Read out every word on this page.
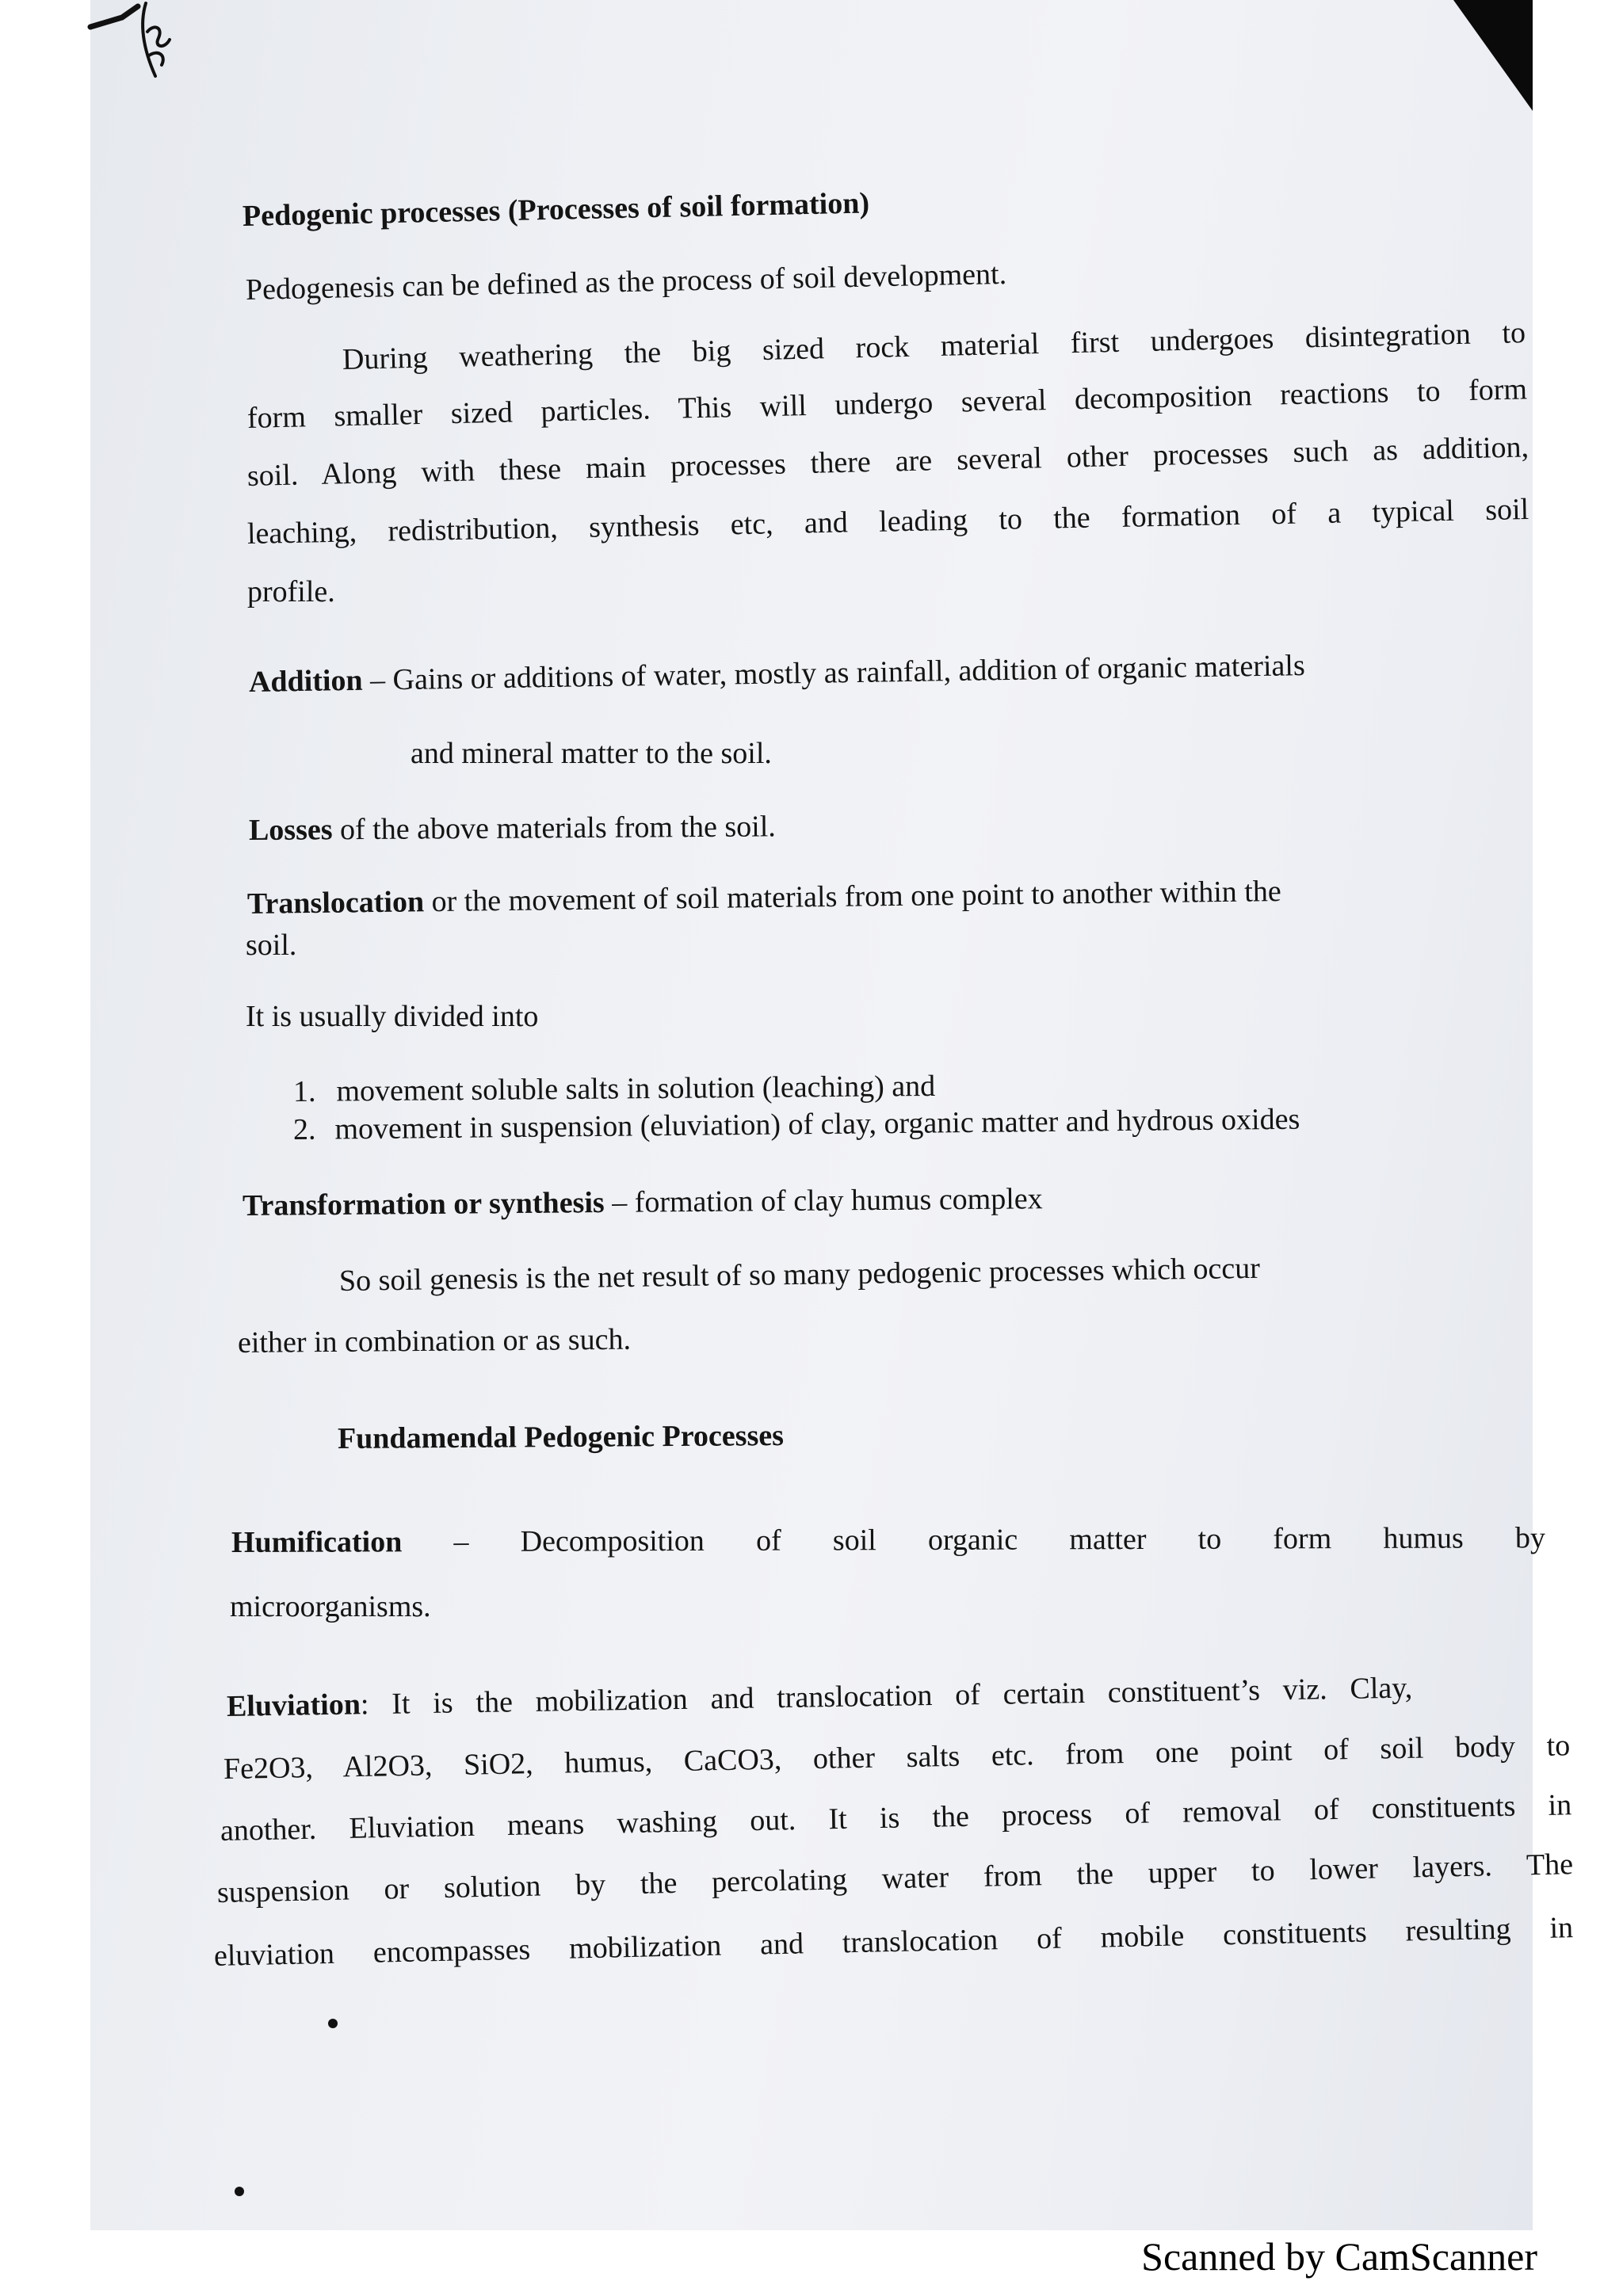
Pedogenic processes (Processes of soil formation)
Pedogenesis can be defined as the process of soil development.
During weathering the big sized rock material first undergoes disintegration to
form smaller sized particles. This will undergo several decomposition reactions to form
soil. Along with these main processes there are several other processes such as addition,
leaching, redistribution, synthesis etc, and leading to the formation of a typical soil
profile.
Addition – Gains or additions of water, mostly as rainfall, addition of organic materials
and mineral matter to the soil.
Losses of the above materials from the soil.
Translocation or the movement of soil materials from one point to another within the
soil.
It is usually divided into
1. movement soluble salts in solution (leaching) and
2. movement in suspension (eluviation) of clay, organic matter and hydrous oxides
Transformation or synthesis – formation of clay humus complex
So soil genesis is the net result of so many pedogenic processes which occur
either in combination or as such.
Fundamendal Pedogenic Processes
Humification – Decomposition of soil organic matter to form humus by
microorganisms.
Eluviation: It is the mobilization and translocation of certain constituent’s viz. Clay,
Fe2O3, Al2O3, SiO2, humus, CaCO3, other salts etc. from one point of soil body to
another. Eluviation means washing out. It is the process of removal of constituents in
suspension or solution by the percolating water from the upper to lower layers. The
eluviation encompasses mobilization and translocation of mobile constituents resulting in
Scanned by CamScanner
